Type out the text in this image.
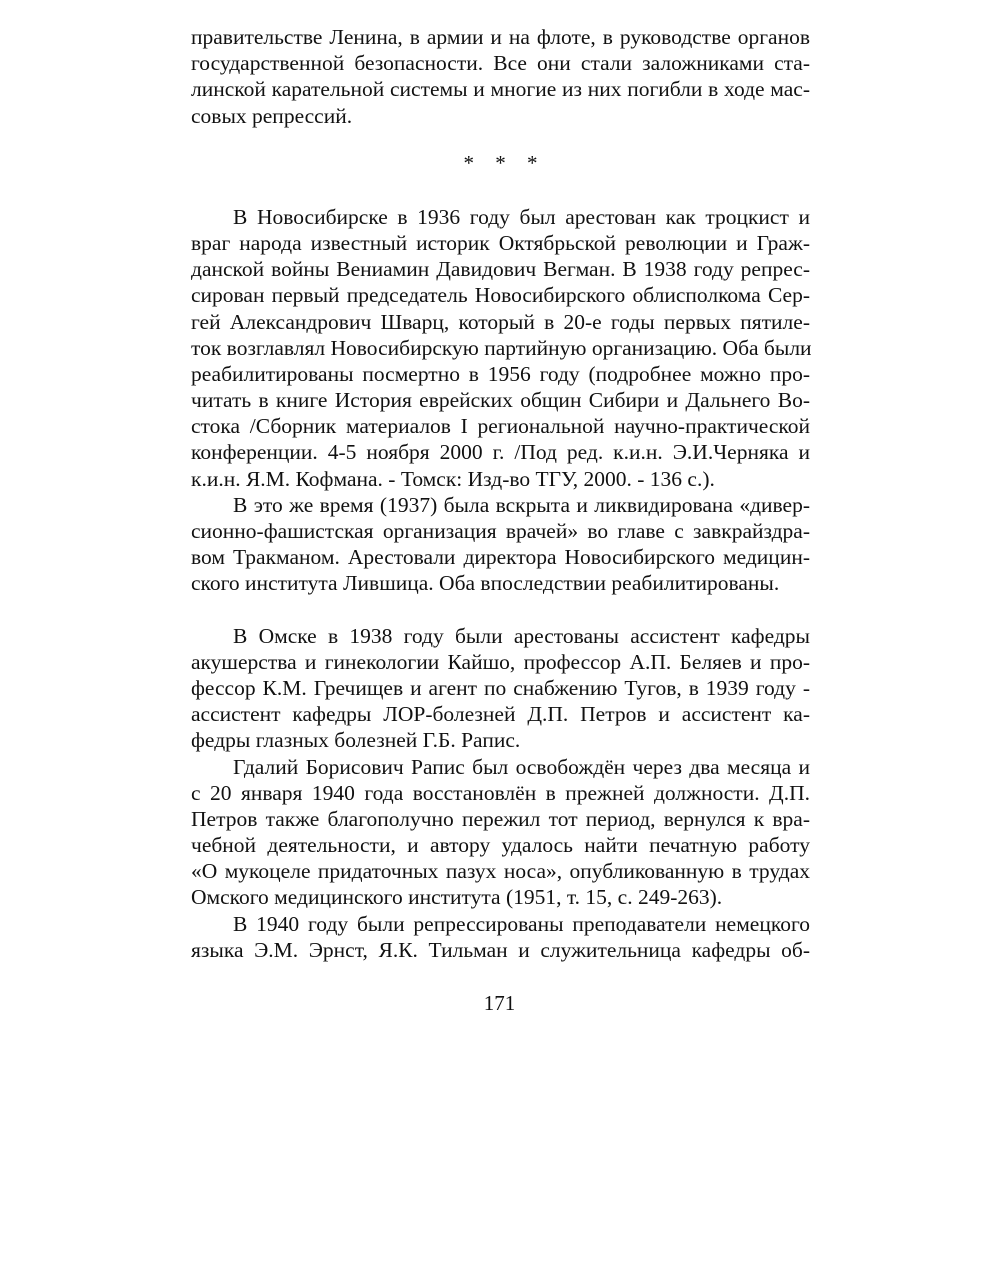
правительстве Ленина, в армии и на флоте, в руководстве органов
государственной безопасности. Все они стали заложниками ста-
линской карательной системы и многие из них погибли в ходе мас-
совых репрессий.
* * *
В Новосибирске в 1936 году был арестован как троцкист и
враг народа известный историк Октябрьской революции и Граж-
данской войны Вениамин Давидович Вегман. В 1938 году репрес-
сирован первый председатель Новосибирского облисполкома Сер-
гей Александрович Шварц, который в 20-е годы первых пятиле-
ток возглавлял Новосибирскую партийную организацию. Оба были
реабилитированы посмертно в 1956 году (подробнее можно про-
читать в книге История еврейских общин Сибири и Дальнего Во-
стока /Сборник материалов I региональной научно-практической
конференции. 4-5 ноября 2000 г. /Под ред. к.и.н. Э.И.Черняка и
к.и.н. Я.М. Кофмана. - Томск: Изд-во ТГУ, 2000. - 136 с.).
В это же время (1937) была вскрыта и ликвидирована «дивер-
сионно-фашистская организация врачей» во главе с завкрайздра-
вом Тракманом. Арестовали директора Новосибирского медицин-
ского института Лившица. Оба впоследствии реабилитированы.
В Омске в 1938 году были арестованы ассистент кафедры
акушерства и гинекологии Кайшо, профессор А.П. Беляев и про-
фессор К.М. Гречищев и агент по снабжению Тугов, в 1939 году -
ассистент кафедры ЛОР-болезней Д.П. Петров и ассистент ка-
федры глазных болезней Г.Б. Рапис.
Гдалий Борисович Рапис был освобождён через два месяца и
с 20 января 1940 года восстановлён в прежней должности. Д.П.
Петров также благополучно пережил тот период, вернулся к вра-
чебной деятельности, и автору удалось найти печатную работу
«О мукоцеле придаточных пазух носа», опубликованную в трудах
Омского медицинского института (1951, т. 15, с. 249-263).
В 1940 году были репрессированы преподаватели немецкого
языка Э.М. Эрнст, Я.К. Тильман и служительница кафедры об-
171
